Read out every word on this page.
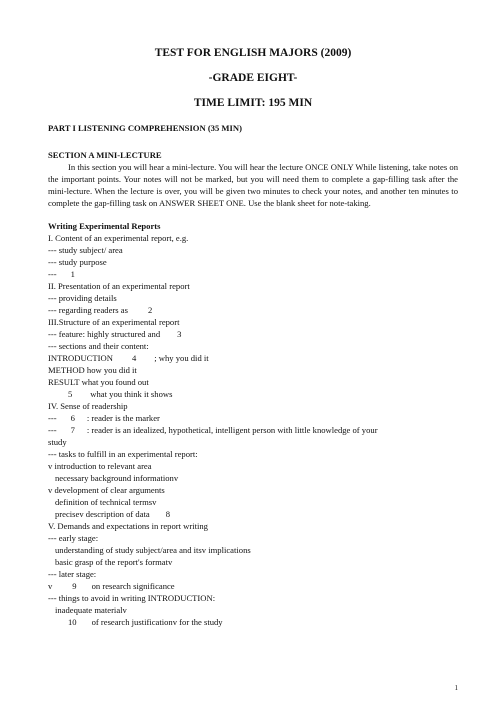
TEST FOR ENGLISH MAJORS (2009)
-GRADE EIGHT-
TIME LIMIT: 195 MIN
PART I LISTENING COMPREHENSION (35 MIN)
SECTION A MINI-LECTURE
In this section you will hear a mini-lecture. You will hear the lecture ONCE ONLY While listening, take notes on the important points. Your notes will not be marked, but you will need them to complete a gap-filling task after the mini-lecture. When the lecture is over, you will be given two minutes to check your notes, and another ten minutes to complete the gap-filling task on ANSWER SHEET ONE. Use the blank sheet for note-taking.
Writing Experimental Reports
I. Content of an experimental report, e.g.
--- study subject/ area
--- study purpose
--- 1
II. Presentation of an experimental report
--- providing details
--- regarding readers as 2
III.Structure of an experimental report
--- feature: highly structured and 3
--- sections and their content:
INTRODUCTION 4 ; why you did it
METHOD how you did it
RESULT what you found out
5 what you think it shows
IV. Sense of readership
--- 6 : reader is the marker
--- 7 : reader is an idealized, hypothetical, intelligent person with little knowledge of your
study
--- tasks to fulfill in an experimental report:
v introduction to relevant area
necessary background informationv
v development of clear arguments
definition of technical termsv
precisev description of data 8
V. Demands and expectations in report writing
--- early stage:
understanding of study subject/area and itsv implications
basic grasp of the report's formatv
--- later stage:
v 9 on research significance
--- things to avoid in writing INTRODUCTION:
inadequate materialv
10 of research justificationv for the study
1
